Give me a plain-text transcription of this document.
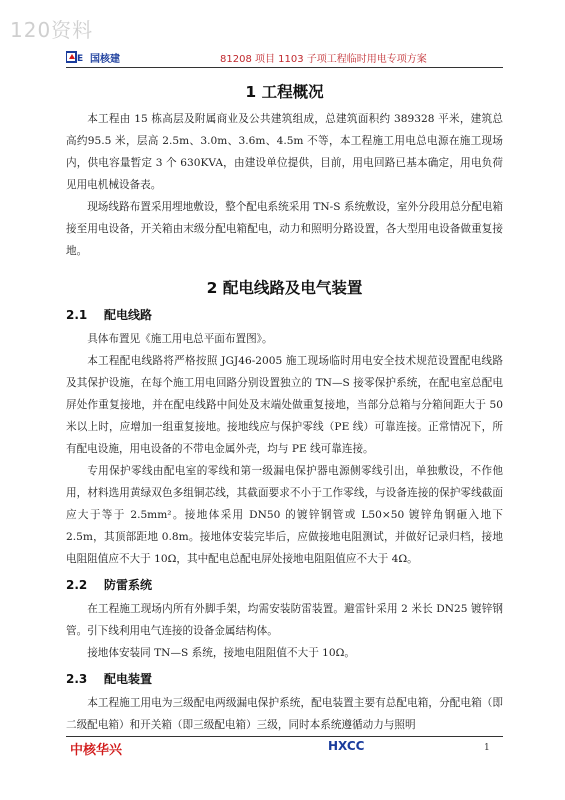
120资料
E 国核建	81208 项目 1103 子项工程临时用电专项方案
1 工程概况

本工程由 15 栋高层及附属商业及公共建筑组成，总建筑面积约 389328 平米，建筑总高约95.5 米，层高 2.5m、3.0m、3.6m、4.5m 不等，本工程施工用电总电源在施工现场内，供电容量暂定 3 个 630KVA，由建设单位提供，目前，用电回路已基本确定，用电负荷见用电机械设备表。

现场线路布置采用埋地敷设，整个配电系统采用 TN-S 系统敷设，室外分段用总分配电箱接至用电设备，开关箱由末级分配电箱配电，动力和照明分路设置，各大型用电设备做重复接地。

2 配电线路及电气装置
2.1 配电线路

具体布置见《施工用电总平面布置图》。

本工程配电线路将严格按照 JGJ46-2005 施工现场临时用电安全技术规范设置配电线路及其保护设施，在每个施工用电回路分别设置独立的 TN—S 接零保护系统，在配电室总配电屏处作重复接地，并在配电线路中间处及末端处做重复接地，当部分总箱与分箱间距大于 50 米以上时，应增加一组重复接地。接地线应与保护零线（PE 线）可靠连接。正常情况下，所有配电设施，用电设备的不带电金属外壳，均与 PE 线可靠连接。

专用保护零线由配电室的零线和第一级漏电保护器电源侧零线引出，单独敷设，不作他用，材料选用黄绿双色多组铜芯线，其截面要求不小于工作零线，与设备连接的保护零线截面应大于等于 2.5mm²。接地体采用 DN50 的镀锌钢管或 L50×50 镀锌角钢砸入地下 2.5m，其顶部距地 0.8m。接地体安装完毕后，应做接地电阻测试，并做好记录归档，接地电阻阻值应不大于 10Ω，其中配电总配电屏处接地电阻阻值应不大于 4Ω。

2.2 防雷系统

在工程施工现场内所有外脚手架，均需安装防雷装置。避雷针采用 2 米长 DN25 镀锌钢管。引下线利用电气连接的设备金属结构体。

接地体安装同 TN—S 系统，接地电阻阻值不大于 10Ω。

2.3 配电装置

本工程施工用电为三级配电两级漏电保护系统，配电装置主要有总配电箱，分配电箱（即二级配电箱）和开关箱（即三级配电箱）三级，同时本系统遵循动力与照明

中核华兴	HXCC	1
